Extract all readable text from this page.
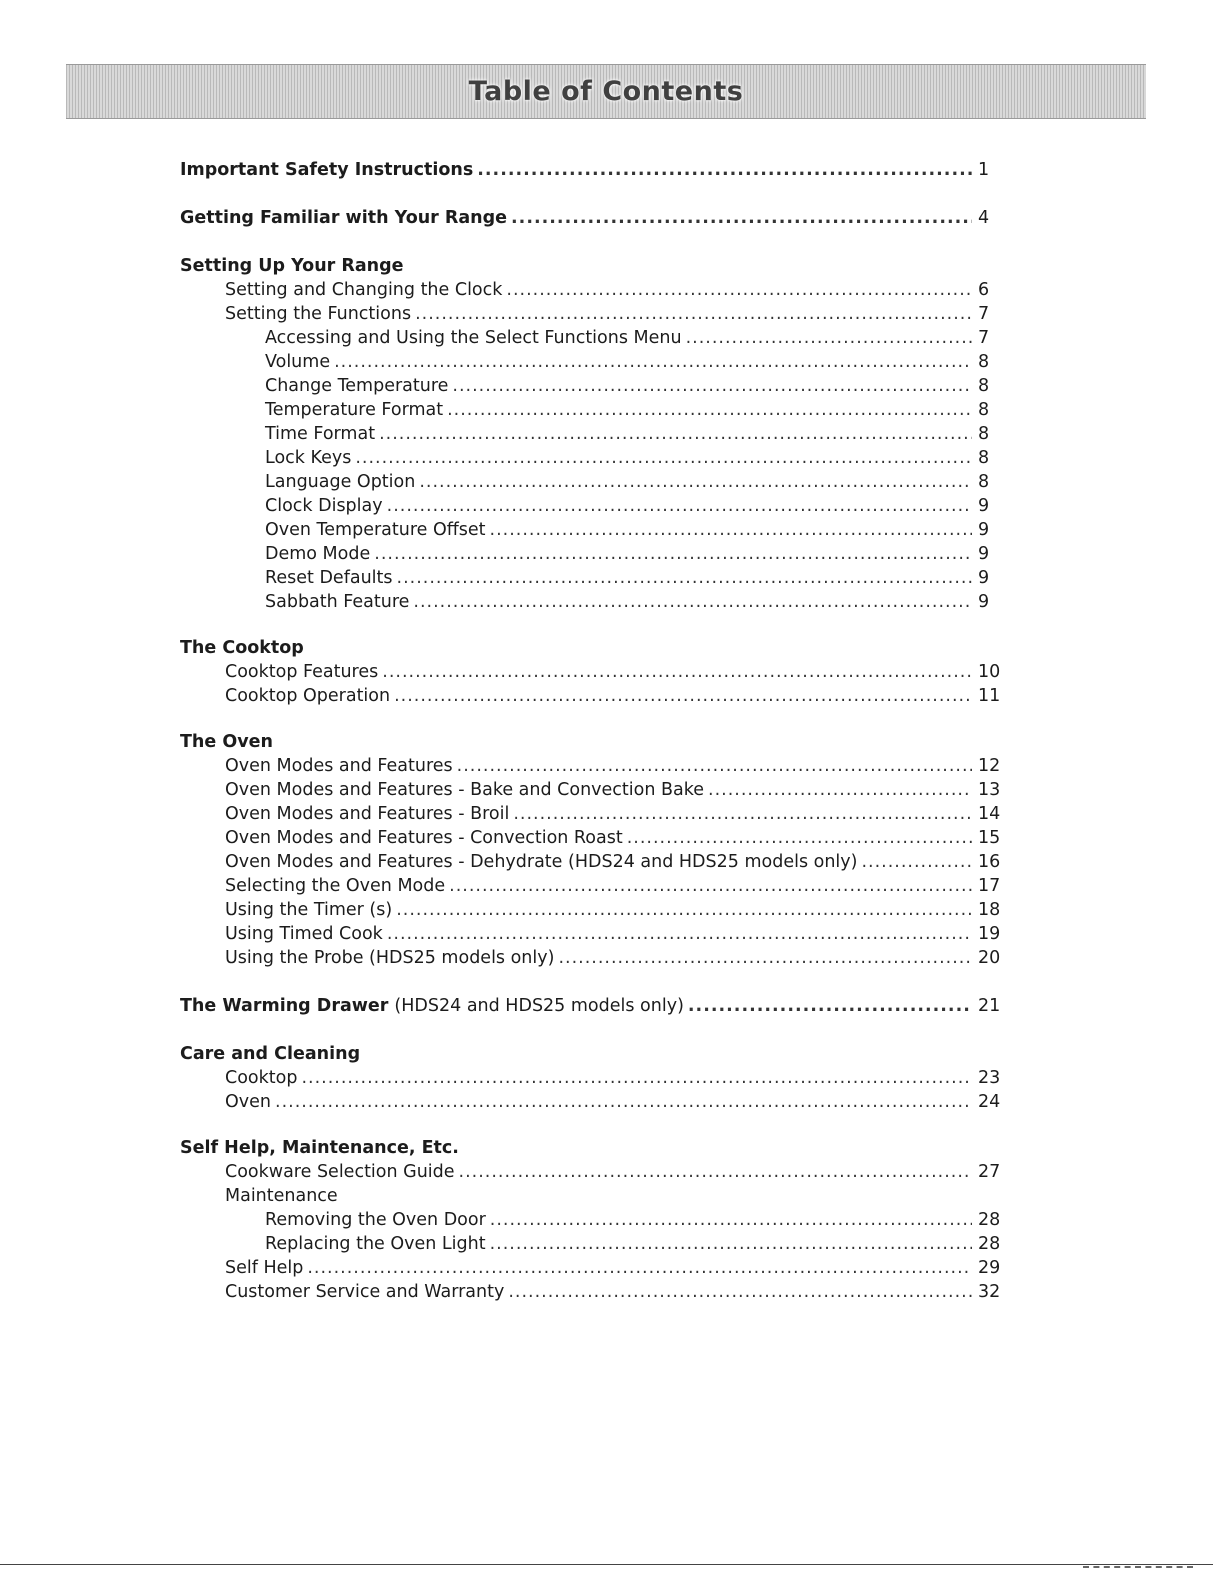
Table of Contents
Important Safety Instructions .....	1
Getting Familiar with Your Range .....	4
Setting Up Your Range
Setting and Changing the Clock .....	6
Setting the Functions .....	7
Accessing and Using the Select Functions Menu .....	7
Volume .....	8
Change Temperature .....	8
Temperature Format .....	8
Time Format .....	8
Lock Keys .....	8
Language Option .....	8
Clock Display .....	9
Oven Temperature Offset .....	9
Demo Mode .....	9
Reset Defaults .....	9
Sabbath Feature .....	9
The Cooktop
Cooktop Features .....	10
Cooktop Operation .....	11
The Oven
Oven Modes and Features .....	12
Oven Modes and Features - Bake and Convection Bake .....	13
Oven Modes and Features - Broil .....	14
Oven Modes and Features - Convection Roast .....	15
Oven Modes and Features - Dehydrate (HDS24 and HDS25 models only) .....	16
Selecting the Oven Mode .....	17
Using the Timer (s) .....	18
Using Timed Cook .....	19
Using the Probe (HDS25 models only) .....	20
The Warming Drawer (HDS24 and HDS25 models only) .....	21
Care and Cleaning
Cooktop .....	23
Oven .....	24
Self Help, Maintenance, Etc.
Cookware Selection Guide .....	27
Maintenance
Removing the Oven Door .....	28
Replacing the Oven Light .....	28
Self Help .....	29
Customer Service and Warranty .....	32
